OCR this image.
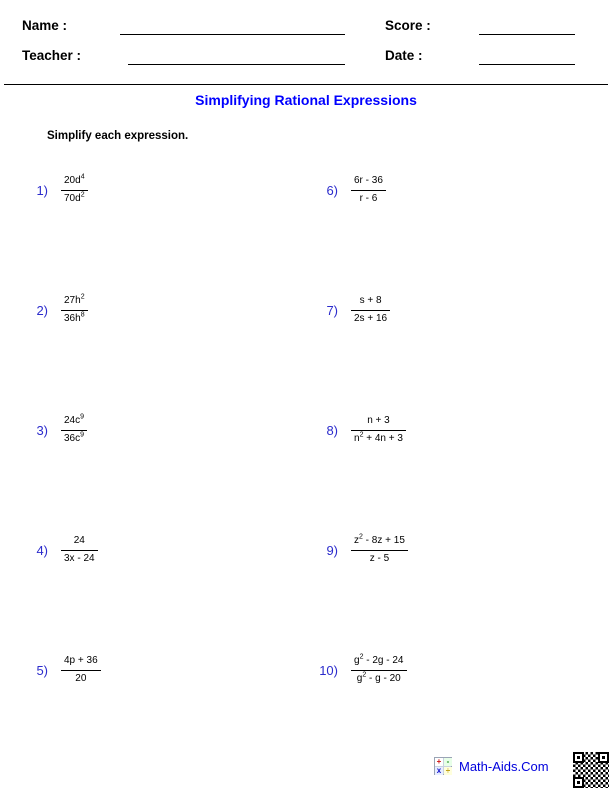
Name :	Score :
Teacher :	Date :
Simplifying Rational Expressions
Simplify each expression.
$1) \frac{20d^4}{70d^2}$
$2) \frac{27h^2}{36h^8}$
$3) \frac{24c^9}{36c^9}$
$4) \frac{24}{3x - 24}$
$5) \frac{4p + 36}{20}$
$6) \frac{6r - 36}{r - 6}$
$7) \frac{s + 8}{2s + 16}$
$8) \frac{n + 3}{n^2 + 4n + 3}$
$9) \frac{z^2 - 8z + 15}{z - 5}$
$10) \frac{g^2 - 2g - 24}{g^2 - g - 20}$
+ -
x ÷ Math-Aids.Com
